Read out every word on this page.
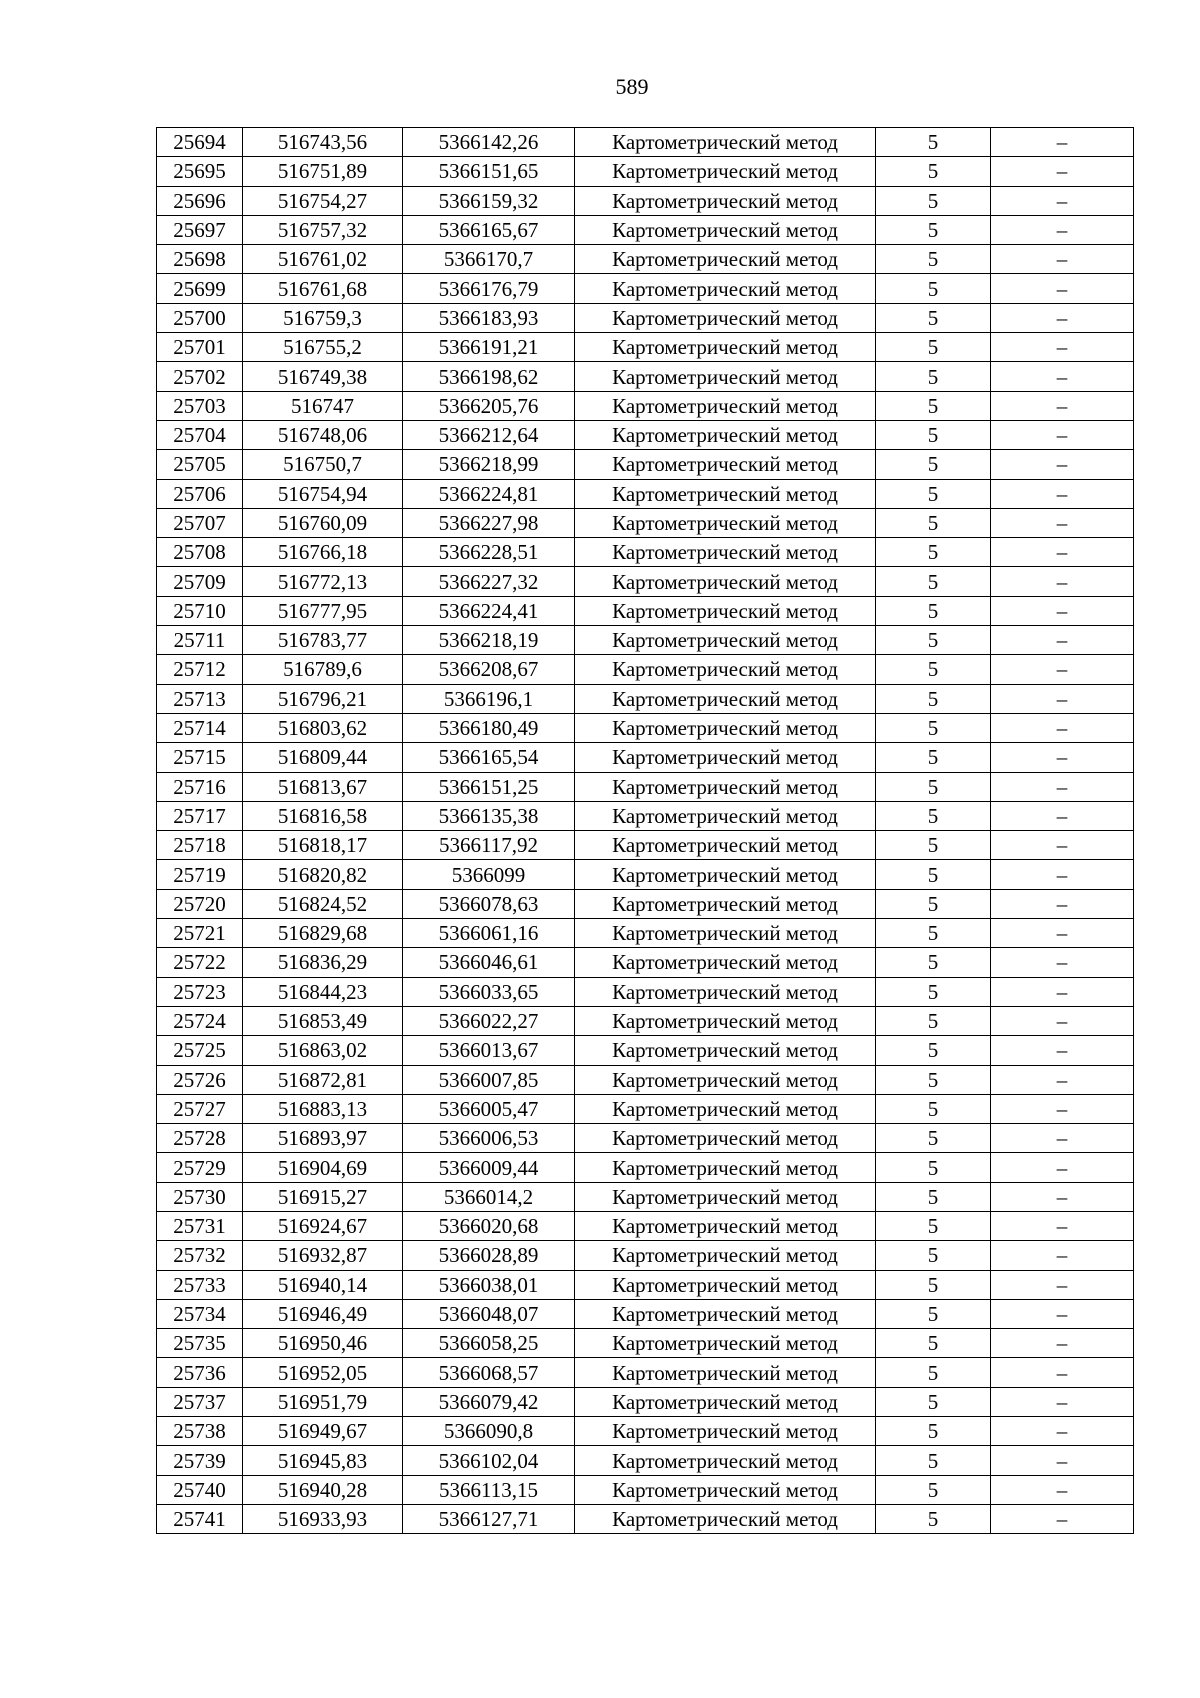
589
25694	516743,56	5366142,26	Картометрический метод	5	–
25695	516751,89	5366151,65	Картометрический метод	5	–
25696	516754,27	5366159,32	Картометрический метод	5	–
25697	516757,32	5366165,67	Картометрический метод	5	–
25698	516761,02	5366170,7	Картометрический метод	5	–
25699	516761,68	5366176,79	Картометрический метод	5	–
25700	516759,3	5366183,93	Картометрический метод	5	–
25701	516755,2	5366191,21	Картометрический метод	5	–
25702	516749,38	5366198,62	Картометрический метод	5	–
25703	516747	5366205,76	Картометрический метод	5	–
25704	516748,06	5366212,64	Картометрический метод	5	–
25705	516750,7	5366218,99	Картометрический метод	5	–
25706	516754,94	5366224,81	Картометрический метод	5	–
25707	516760,09	5366227,98	Картометрический метод	5	–
25708	516766,18	5366228,51	Картометрический метод	5	–
25709	516772,13	5366227,32	Картометрический метод	5	–
25710	516777,95	5366224,41	Картометрический метод	5	–
25711	516783,77	5366218,19	Картометрический метод	5	–
25712	516789,6	5366208,67	Картометрический метод	5	–
25713	516796,21	5366196,1	Картометрический метод	5	–
25714	516803,62	5366180,49	Картометрический метод	5	–
25715	516809,44	5366165,54	Картометрический метод	5	–
25716	516813,67	5366151,25	Картометрический метод	5	–
25717	516816,58	5366135,38	Картометрический метод	5	–
25718	516818,17	5366117,92	Картометрический метод	5	–
25719	516820,82	5366099	Картометрический метод	5	–
25720	516824,52	5366078,63	Картометрический метод	5	–
25721	516829,68	5366061,16	Картометрический метод	5	–
25722	516836,29	5366046,61	Картометрический метод	5	–
25723	516844,23	5366033,65	Картометрический метод	5	–
25724	516853,49	5366022,27	Картометрический метод	5	–
25725	516863,02	5366013,67	Картометрический метод	5	–
25726	516872,81	5366007,85	Картометрический метод	5	–
25727	516883,13	5366005,47	Картометрический метод	5	–
25728	516893,97	5366006,53	Картометрический метод	5	–
25729	516904,69	5366009,44	Картометрический метод	5	–
25730	516915,27	5366014,2	Картометрический метод	5	–
25731	516924,67	5366020,68	Картометрический метод	5	–
25732	516932,87	5366028,89	Картометрический метод	5	–
25733	516940,14	5366038,01	Картометрический метод	5	–
25734	516946,49	5366048,07	Картометрический метод	5	–
25735	516950,46	5366058,25	Картометрический метод	5	–
25736	516952,05	5366068,57	Картометрический метод	5	–
25737	516951,79	5366079,42	Картометрический метод	5	–
25738	516949,67	5366090,8	Картометрический метод	5	–
25739	516945,83	5366102,04	Картометрический метод	5	–
25740	516940,28	5366113,15	Картометрический метод	5	–
25741	516933,93	5366127,71	Картометрический метод	5	–
